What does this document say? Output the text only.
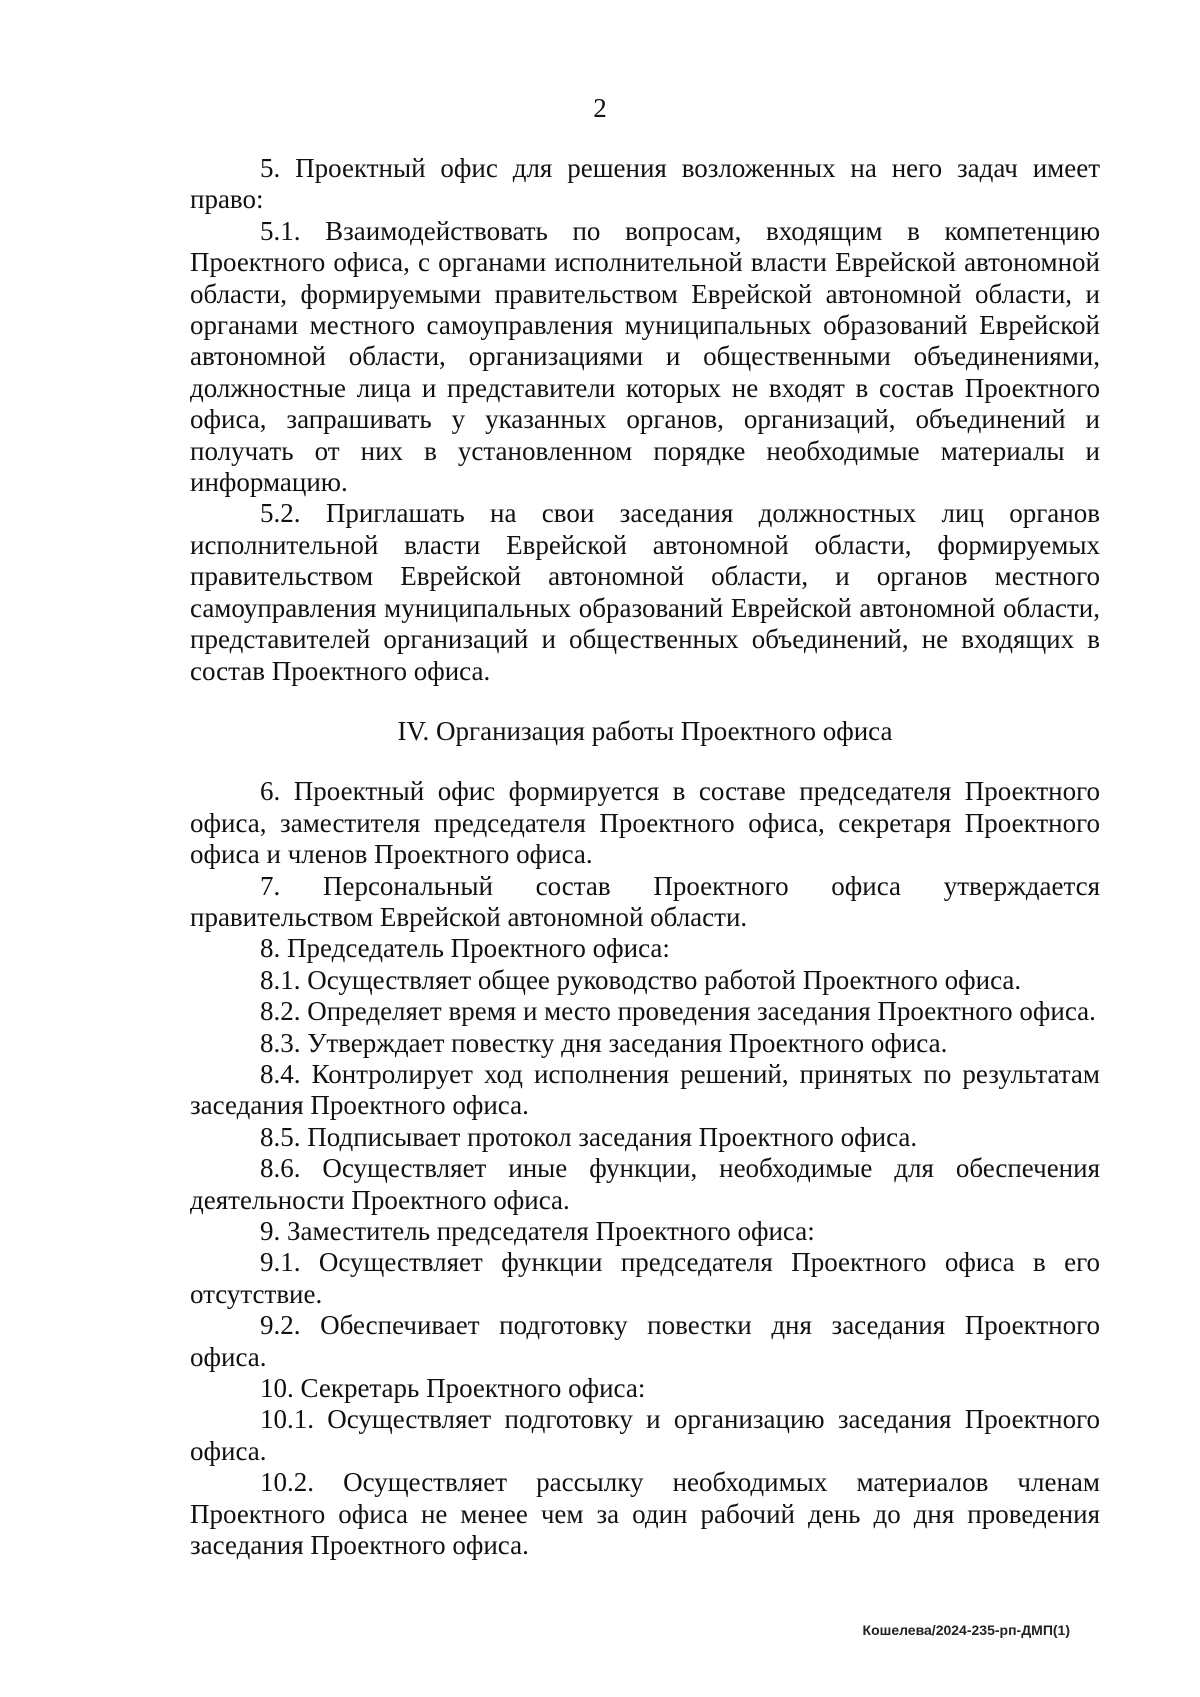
2

5. Проектный офис для решения возложенных на него задач имеет право:

5.1. Взаимодействовать по вопросам, входящим в компетенцию Проектного офиса, с органами исполнительной власти Еврейской автономной области, формируемыми правительством Еврейской автономной области, и органами местного самоуправления муниципальных образований Еврейской автономной области, организациями и общественными объединениями, должностные лица и представители которых не входят в состав Проектного офиса, запрашивать у указанных органов, организаций, объединений и получать от них в установленном порядке необходимые материалы и информацию.

5.2. Приглашать на свои заседания должностных лиц органов исполнительной власти Еврейской автономной области, формируемых правительством Еврейской автономной области, и органов местного самоуправления муниципальных образований Еврейской автономной области, представителей организаций и общественных объединений, не входящих в состав Проектного офиса.

IV. Организация работы Проектного офиса

6. Проектный офис формируется в составе председателя Проектного офиса, заместителя председателя Проектного офиса, секретаря Проектного офиса и членов Проектного офиса.

7. Персональный состав Проектного офиса утверждается правительством Еврейской автономной области.

8. Председатель Проектного офиса:

8.1. Осуществляет общее руководство работой Проектного офиса.

8.2. Определяет время и место проведения заседания Проектного офиса.

8.3. Утверждает повестку дня заседания Проектного офиса.

8.4. Контролирует ход исполнения решений, принятых по результатам заседания Проектного офиса.

8.5. Подписывает протокол заседания Проектного офиса.

8.6. Осуществляет иные функции, необходимые для обеспечения деятельности Проектного офиса.

9. Заместитель председателя Проектного офиса:

9.1. Осуществляет функции председателя Проектного офиса в его отсутствие.

9.2. Обеспечивает подготовку повестки дня заседания Проектного офиса.

10. Секретарь Проектного офиса:

10.1. Осуществляет подготовку и организацию заседания Проектного офиса.

10.2. Осуществляет рассылку необходимых материалов членам Проектного офиса не менее чем за один рабочий день до дня проведения заседания Проектного офиса.

Кошелева/2024-235-рп-ДМП(1)
